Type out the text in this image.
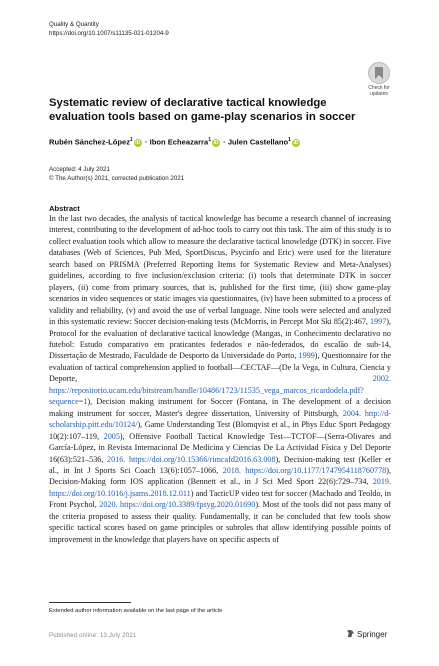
Quality & Quantity
https://doi.org/10.1007/s11135-021-01204-9
Check for
updates
Systematic review of declarative tactical knowledge evaluation tools based on game-play scenarios in soccer
Rubén Sánchez-López$^1$ iD · Ibon Echeazarra$^1$ iD · Julen Castellano$^1$ iD
Accepted: 4 July 2021
© The Author(s) 2021, corrected publication 2021
Abstract
In the last two decades, the analysis of tactical knowledge has become a research channel of increasing interest, contributing to the development of ad-hoc tools to carry out this task. The aim of this study is to collect evaluation tools which allow to measure the declarative tactical knowledge (DTK) in soccer. Five databases (Web of Sciences, Pub Med, SportDiscus, Psycinfo and Eric) were used for the literature search based on PRISMA (Preferred Reporting Items for Systematic Review and Meta-Analyses) guidelines, according to five inclusion/exclusion criteria: (i) tools that determinate DTK in soccer players, (ii) come from primary sources, that is, published for the first time, (iii) show game-play scenarios in video sequences or static images via questionnaires, (iv) have been submitted to a process of validity and reliability, (v) and avoid the use of verbal language. Nine tools were selected and analyzed in this systematic review: Soccer decision-making tests (McMorris, in Percept Mot Ski 85(2):467, 1997), Protocol for the evaluation of declarative tactical knowledge (Mangas, in Conhecimento declarativo no futebol: Estudo comparativo em praticantes federados e não-federados, do escalão de sub-14, Dissertação de Mestrado, Faculdade de Desporto da Universidade do Porto, 1999), Questionnaire for the evaluation of tactical comprehension applied to football—CECTAF—(De la Vega, in Cultura, Ciencia y Deporte, 2002. https://repositorio.ucam.edu/bitstream/handle/10486/1723/11535_vega_marcos_ricardodela.pdf?sequence=1), Decision making instrument for Soccer (Fontana, in The development of a decision making instrument for soccer, Master's degree dissertation, University of Pittsburgh, 2004. http://d-scholarship.pitt.edu/10124/), Game Understanding Test (Blomqvist et al., in Phys Educ Sport Pedagogy 10(2):107–119, 2005), Offensive Football Tactical Knowledge Test—TCTOF—(Serra-Olivares and García-López, in Revista Internacional De Medicina y Ciencias De La Actividad Física y Del Deporte 16(63):521–536, 2016. https://doi.org/10.15366/rimcafd2016.63.008), Decision-making test (Keller et al., in Int J Sports Sci Coach 13(6):1057–1066, 2018. https://doi.org/10.1177/1747954118760778), Decision-Making form IOS application (Bennett et al., in J Sci Med Sport 22(6):729–734, 2019. https://doi.org/10.1016/j.jsams.2018.12.011) and TacticUP video test for soccer (Machado and Teoldo, in Front Psychol, 2020. https://doi.org/10.3389/fpsyg.2020.01690). Most of the tools did not pass many of the criteria proposed to assess their quality. Fundamentally, it can be concluded that few tools show specific tactical scores based on game principles or subroles that allow identifying possible points of improvement in the knowledge that players have on specific aspects of
Extended author information available on the last page of the article
Published online: 13 July 2021	Springer
